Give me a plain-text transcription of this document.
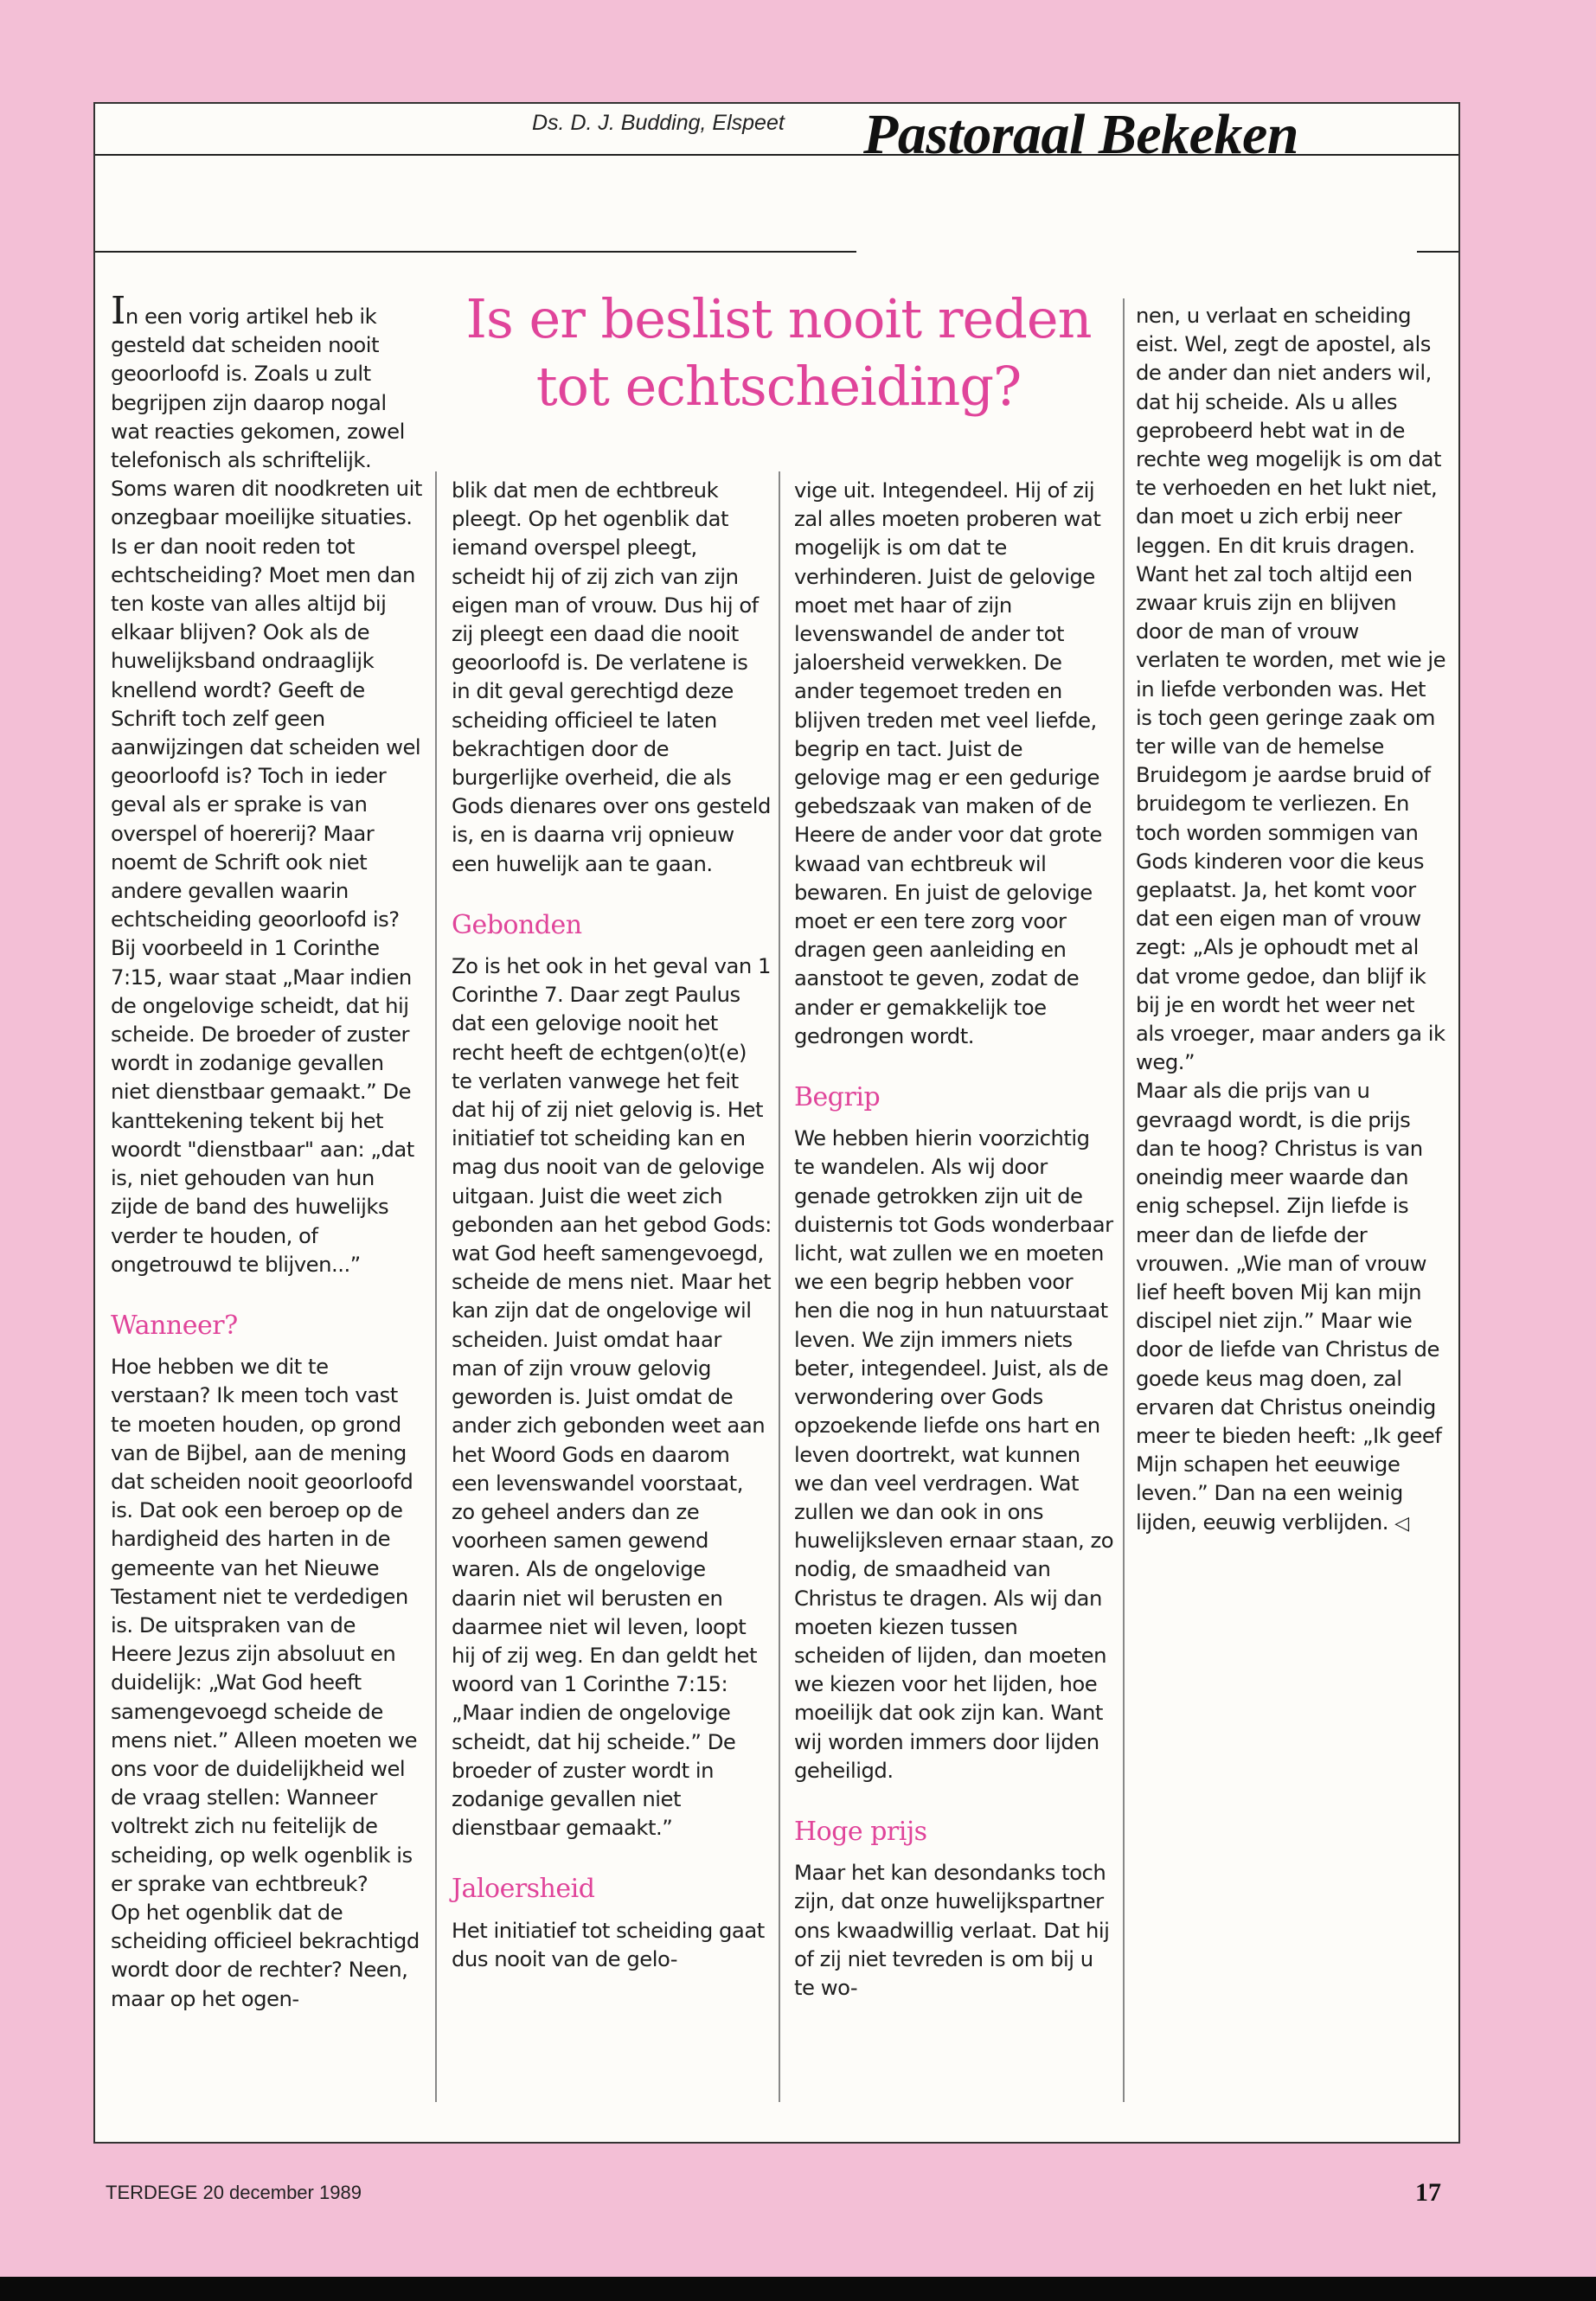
Ds. D. J. Budding, Elspeet Pastoraal Bekeken
Is er beslist nooit reden tot echtscheiding?

In een vorig artikel heb ik gesteld dat scheiden nooit geoorloofd is. Zoals u zult begrijpen zijn daarop nogal wat reacties gekomen, zowel telefonisch als schriftelijk. Soms waren dit noodkreten uit onzegbaar moeilijke situaties. Is er dan nooit reden tot echtscheiding? Moet men dan ten koste van alles altijd bij elkaar blijven? Ook als de huwelijksband ondraaglijk knellend wordt? Geeft de Schrift toch zelf geen aanwijzingen dat scheiden wel geoorloofd is? Toch in ieder geval als er sprake is van overspel of hoererij? Maar noemt de Schrift ook niet andere gevallen waarin echtscheiding geoorloofd is? Bij voorbeeld in 1 Corinthe 7:15, waar staat „Maar indien de ongelovige scheidt, dat hij scheide. De broeder of zuster wordt in zodanige gevallen niet dienstbaar gemaakt.” De kanttekening tekent bij het woordt "dienstbaar" aan: „dat is, niet gehouden van hun zijde de band des huwelijks verder te houden, of ongetrouwd te blijven...”

Wanneer?

Hoe hebben we dit te verstaan? Ik meen toch vast te moeten houden, op grond van de Bijbel, aan de mening dat scheiden nooit geoorloofd is. Dat ook een beroep op de hardigheid des harten in de gemeente van het Nieuwe Testament niet te verdedigen is. De uitspraken van de Heere Jezus zijn absoluut en duidelijk: „Wat God heeft samengevoegd scheide de mens niet.” Alleen moeten we ons voor de duidelijkheid wel de vraag stellen: Wanneer voltrekt zich nu feitelijk de scheiding, op welk ogenblik is er sprake van echtbreuk?

Op het ogenblik dat de scheiding officieel bekrachtigd wordt door de rechter? Neen, maar op het ogen-

blik dat men de echtbreuk pleegt. Op het ogenblik dat iemand overspel pleegt, scheidt hij of zij zich van zijn eigen man of vrouw. Dus hij of zij pleegt een daad die nooit geoorloofd is. De verlatene is in dit geval gerechtigd deze scheiding officieel te laten bekrachtigen door de burgerlijke overheid, die als Gods dienares over ons gesteld is, en is daarna vrij opnieuw een huwelijk aan te gaan.

Gebonden

Zo is het ook in het geval van 1 Corinthe 7. Daar zegt Paulus dat een gelovige nooit het recht heeft de echtgen(o)t(e) te verlaten vanwege het feit dat hij of zij niet gelovig is. Het initiatief tot scheiding kan en mag dus nooit van de gelovige uitgaan. Juist die weet zich gebonden aan het gebod Gods: wat God heeft samengevoegd, scheide de mens niet. Maar het kan zijn dat de ongelovige wil scheiden. Juist omdat haar man of zijn vrouw gelovig geworden is. Juist omdat de ander zich gebonden weet aan het Woord Gods en daarom een levenswandel voorstaat, zo geheel anders dan ze voorheen samen gewend waren. Als de ongelovige daarin niet wil berusten en daarmee niet wil leven, loopt hij of zij weg. En dan geldt het woord van 1 Corinthe 7:15: „Maar indien de ongelovige scheidt, dat hij scheide.” De broeder of zuster wordt in zodanige gevallen niet dienstbaar gemaakt.”

Jaloersheid

Het initiatief tot scheiding gaat dus nooit van de gelo-

vige uit. Integendeel. Hij of zij zal alles moeten proberen wat mogelijk is om dat te verhinderen. Juist de gelovige moet met haar of zijn levenswandel de ander tot jaloersheid verwekken. De ander tegemoet treden en blijven treden met veel liefde, begrip en tact. Juist de gelovige mag er een gedurige gebedszaak van maken of de Heere de ander voor dat grote kwaad van echtbreuk wil bewaren. En juist de gelovige moet er een tere zorg voor dragen geen aanleiding en aanstoot te geven, zodat de ander er gemakkelijk toe gedrongen wordt.

Begrip

We hebben hierin voorzichtig te wandelen. Als wij door genade getrokken zijn uit de duisternis tot Gods wonderbaar licht, wat zullen we en moeten we een begrip hebben voor hen die nog in hun natuurstaat leven. We zijn immers niets beter, integendeel. Juist, als de verwondering over Gods opzoekende liefde ons hart en leven doortrekt, wat kunnen we dan veel verdragen. Wat zullen we dan ook in ons huwelijksleven ernaar staan, zo nodig, de smaadheid van Christus te dragen. Als wij dan moeten kiezen tussen scheiden of lijden, dan moeten we kiezen voor het lijden, hoe moeilijk dat ook zijn kan. Want wij worden immers door lijden geheiligd.

Hoge prijs

Maar het kan desondanks toch zijn, dat onze huwelijkspartner ons kwaadwillig verlaat. Dat hij of zij niet tevreden is om bij u te wo-

nen, u verlaat en scheiding eist. Wel, zegt de apostel, als de ander dan niet anders wil, dat hij scheide. Als u alles geprobeerd hebt wat in de rechte weg mogelijk is om dat te verhoeden en het lukt niet, dan moet u zich erbij neer leggen. En dit kruis dragen. Want het zal toch altijd een zwaar kruis zijn en blijven door de man of vrouw verlaten te worden, met wie je in liefde verbonden was. Het is toch geen geringe zaak om ter wille van de hemelse Bruidegom je aardse bruid of bruidegom te verliezen. En toch worden sommigen van Gods kinderen voor die keus geplaatst. Ja, het komt voor dat een eigen man of vrouw zegt: „Als je ophoudt met al dat vrome gedoe, dan blijf ik bij je en wordt het weer net als vroeger, maar anders ga ik weg.”

Maar als die prijs van u gevraagd wordt, is die prijs dan te hoog? Christus is van oneindig meer waarde dan enig schepsel. Zijn liefde is meer dan de liefde der vrouwen. „Wie man of vrouw lief heeft boven Mij kan mijn discipel niet zijn.” Maar wie door de liefde van Christus de goede keus mag doen, zal ervaren dat Christus oneindig meer te bieden heeft: „Ik geef Mijn schapen het eeuwige leven.” Dan na een weinig lijden, eeuwig verblijden. ◁

TERDEGE 20 december 1989	17
